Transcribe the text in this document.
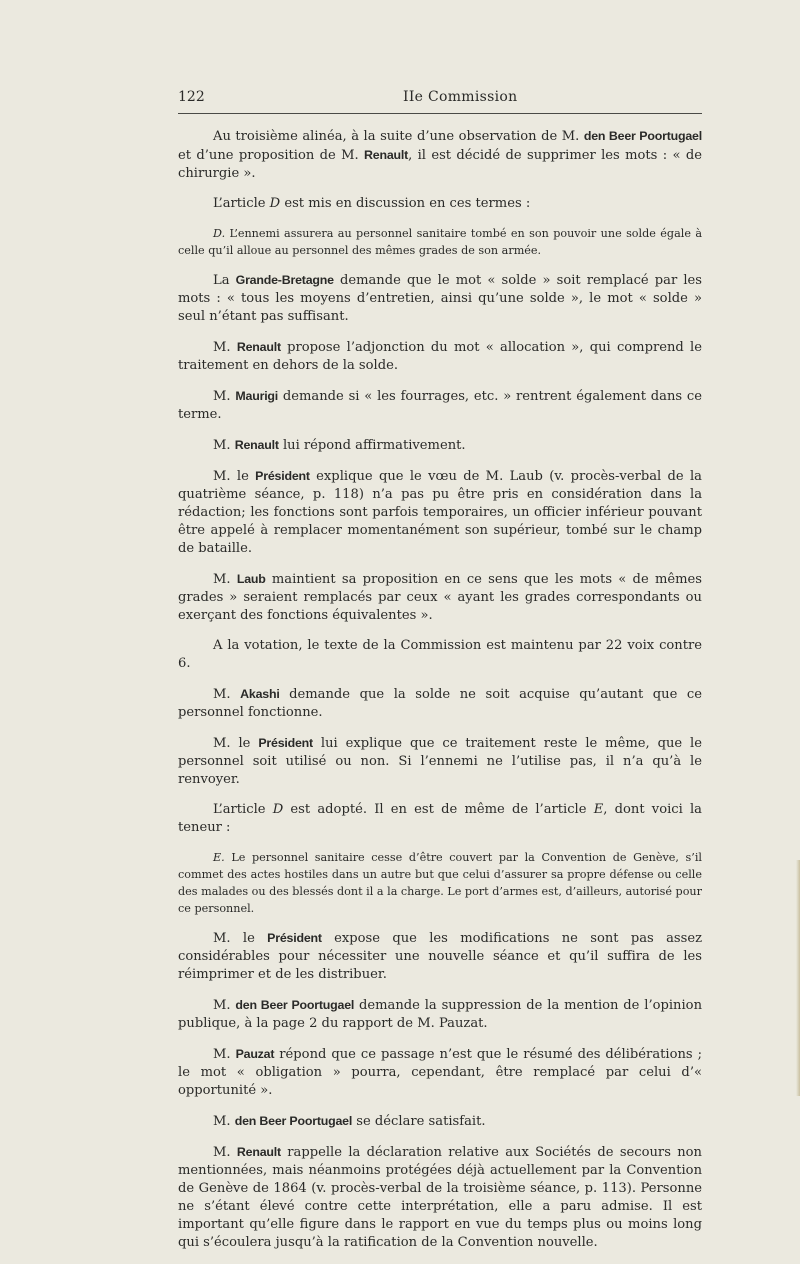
122	IIe Commission

Au troisième alinéa, à la suite d’une observation de M. den Beer Poortugael et d’une proposition de M. Renault, il est décidé de supprimer les mots : « de chirurgie ».

L’article D est mis en discussion en ces termes :

D. L’ennemi assurera au personnel sanitaire tombé en son pouvoir une solde égale à celle qu’il alloue au personnel des mêmes grades de son armée.

La Grande-Bretagne demande que le mot « solde » soit remplacé par les mots : « tous les moyens d’entretien, ainsi qu’une solde », le mot « solde » seul n’étant pas suffisant.

M. Renault propose l’adjonction du mot « allocation », qui comprend le traitement en dehors de la solde.

M. Maurigi demande si « les fourrages, etc. » rentrent également dans ce terme.

M. Renault lui répond affirmativement.

M. le Président explique que le vœu de M. Laub (v. procès-verbal de la quatrième séance, p. 118) n’a pas pu être pris en considération dans la rédaction; les fonctions sont parfois temporaires, un officier inférieur pouvant être appelé à remplacer momentanément son supérieur, tombé sur le champ de bataille.

M. Laub maintient sa proposition en ce sens que les mots « de mêmes grades » seraient remplacés par ceux « ayant les grades correspondants ou exerçant des fonctions équivalentes ».

A la votation, le texte de la Commission est maintenu par 22 voix contre 6.

M. Akashi demande que la solde ne soit acquise qu’autant que ce personnel fonctionne.

M. le Président lui explique que ce traitement reste le même, que le personnel soit utilisé ou non. Si l’ennemi ne l’utilise pas, il n’a qu’à le renvoyer.

L’article D est adopté. Il en est de même de l’article E, dont voici la teneur :

E. Le personnel sanitaire cesse d’être couvert par la Convention de Genève, s’il commet des actes hostiles dans un autre but que celui d’assurer sa propre défense ou celle des malades ou des blessés dont il a la charge. Le port d’armes est, d’ailleurs, autorisé pour ce personnel.

M. le Président expose que les modifications ne sont pas assez considérables pour nécessiter une nouvelle séance et qu’il suffira de les réimprimer et de les distribuer.

M. den Beer Poortugael demande la suppression de la mention de l’opinion publique, à la page 2 du rapport de M. Pauzat.

M. Pauzat répond que ce passage n’est que le résumé des délibérations ; le mot « obligation » pourra, cependant, être remplacé par celui d’« opportunité ».

M. den Beer Poortugael se déclare satisfait.

M. Renault rappelle la déclaration relative aux Sociétés de secours non mentionnées, mais néanmoins protégées déjà actuellement par la Convention de Genève de 1864 (v. procès-verbal de la troisième séance, p. 113). Personne ne s’étant élevé contre cette interprétation, elle a paru admise. Il est important qu’elle figure dans le rapport en vue du temps plus ou moins long qui s’écoulera jusqu’à la ratification de la Convention nouvelle.
